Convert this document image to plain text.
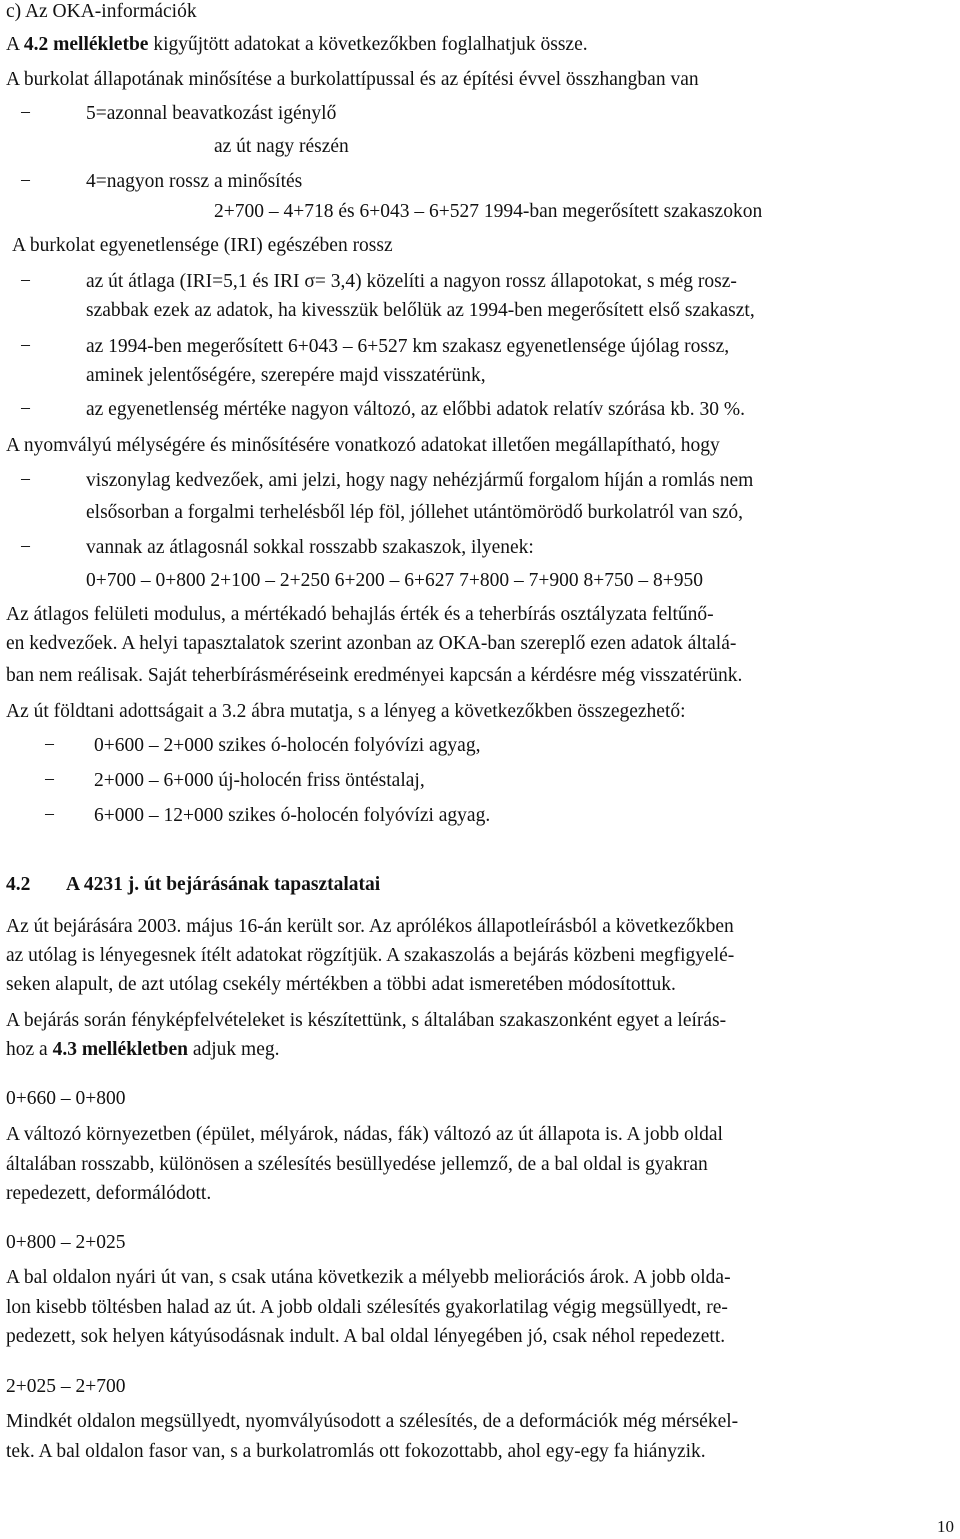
c) Az OKA-információk
A 4.2 mellékletbe kigyűjtött adatokat a következőkben foglalhatjuk össze.
A burkolat állapotának minősítése a burkolattípussal és az építési évvel összhangban van
−	5=azonnal beavatkozást igénylő
az út nagy részén
−	4=nagyon rossz a minősítés
2+700 – 4+718 és 6+043 – 6+527 1994-ban megerősített szakaszokon
A burkolat egyenetlensége (IRI) egészében rossz
−	az út átlaga (IRI=5,1 és IRI σ= 3,4) közelíti a nagyon rossz állapotokat, s még rosz-
szabbak ezek az adatok, ha kivesszük belőlük az 1994-ben megerősített első szakaszt,
−	az 1994-ben megerősített 6+043 – 6+527 km szakasz egyenetlensége újólag rossz,
aminek jelentőségére, szerepére majd visszatérünk,
−	az egyenetlenség mértéke nagyon változó, az előbbi adatok relatív szórása kb. 30 %.
A nyomvályú mélységére és minősítésére vonatkozó adatokat illetően megállapítható, hogy
−	viszonylag kedvezőek, ami jelzi, hogy nagy nehézjármű forgalom híján a romlás nem
elsősorban a forgalmi terhelésből lép föl, jóllehet utántömörödő burkolatról van szó,
−	vannak az átlagosnál sokkal rosszabb szakaszok, ilyenek:
0+700 – 0+800 2+100 – 2+250 6+200 – 6+627 7+800 – 7+900 8+750 – 8+950
Az átlagos felületi modulus, a mértékadó behajlás érték és a teherbírás osztályzata feltűnő-
en kedvezőek. A helyi tapasztalatok szerint azonban az OKA-ban szereplő ezen adatok általá-
ban nem reálisak. Saját teherbírásméréseink eredményei kapcsán a kérdésre még visszatérünk.
Az út földtani adottságait a 3.2 ábra mutatja, s a lényeg a következőkben összegezhető:
− 0+600 – 2+000 szikes ó-holocén folyóvízi agyag,
− 2+000 – 6+000 új-holocén friss öntéstalaj,
− 6+000 – 12+000 szikes ó-holocén folyóvízi agyag.
4.2 A 4231 j. út bejárásának tapasztalatai
Az út bejárására 2003. május 16-án került sor. Az aprólékos állapotleírásból a következőkben
az utólag is lényegesnek ítélt adatokat rögzítjük. A szakaszolás a bejárás közbeni megfigyelé-
seken alapult, de azt utólag csekély mértékben a többi adat ismeretében módosítottuk.
A bejárás során fényképfelvételeket is készítettünk, s általában szakaszonként egyet a leírás-
hoz a 4.3 mellékletben adjuk meg.
0+660 – 0+800
A változó környezetben (épület, mélyárok, nádas, fák) változó az út állapota is. A jobb oldal
általában rosszabb, különösen a szélesítés besüllyedése jellemző, de a bal oldal is gyakran
repedezett, deformálódott.
0+800 – 2+025
A bal oldalon nyári út van, s csak utána következik a mélyebb meliorációs árok. A jobb olda-
lon kisebb töltésben halad az út. A jobb oldali szélesítés gyakorlatilag végig megsüllyedt, re-
pedezett, sok helyen kátyúsodásnak indult. A bal oldal lényegében jó, csak néhol repedezett.
2+025 – 2+700
Mindkét oldalon megsüllyedt, nyomvályúsodott a szélesítés, de a deformációk még mérsékel-
tek. A bal oldalon fasor van, s a burkolatromlás ott fokozottabb, ahol egy-egy fa hiányzik.
10
